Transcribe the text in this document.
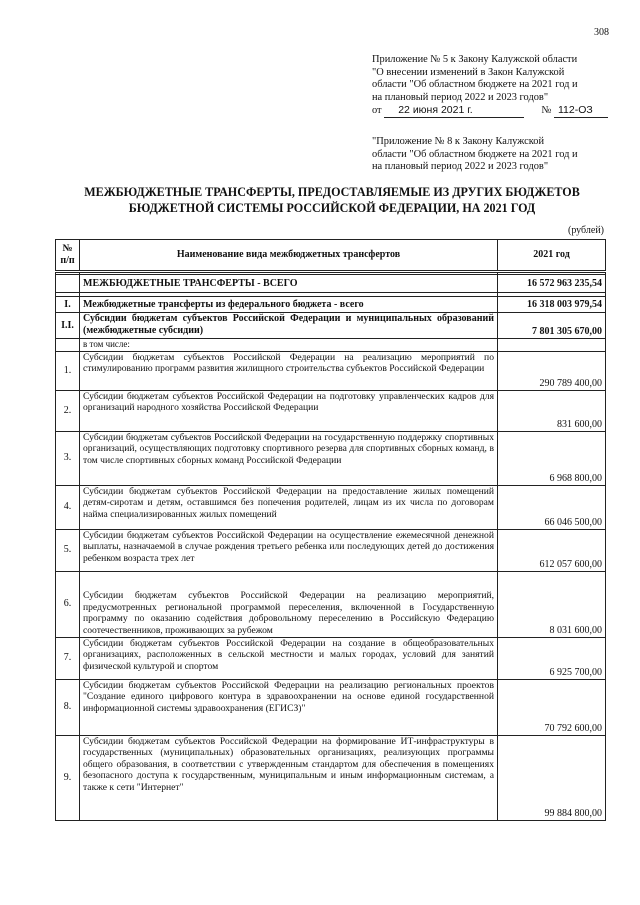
308
Приложение № 5 к Закону Калужской области
"О внесении изменений в Закон Калужской
области "Об областном бюджете на 2021 год и
на плановый период 2022 и 2023 годов"
от 22 июня 2021 г.	№ 112-ОЗ
"Приложение № 8 к Закону Калужской
области "Об областном бюджете на 2021 год и
на плановый период 2022 и 2023 годов"
МЕЖБЮДЖЕТНЫЕ ТРАНСФЕРТЫ, ПРЕДОСТАВЛЯЕМЫЕ ИЗ ДРУГИХ БЮДЖЕТОВ
БЮДЖЕТНОЙ СИСТЕМЫ РОССИЙСКОЙ ФЕДЕРАЦИИ, НА 2021 ГОД
(рублей)
№ п/п	Наименование вида межбюджетных трансфертов	2021 год

	МЕЖБЮДЖЕТНЫЕ ТРАНСФЕРТЫ - ВСЕГО	16 572 963 235,54

I.	Межбюджетные трансферты из федерального бюджета - всего	16 318 003 979,54
I.I.	Субсидии бюджетам субъектов Российской Федерации и муниципальных образований (межбюджетные субсидии)	7 801 305 670,00
	в том числе:	
1.	Субсидии бюджетам субъектов Российской Федерации на реализацию мероприятий по стимулированию программ развития жилищного строительства субъектов Российской Федерации	290 789 400,00
2.	Субсидии бюджетам субъектов Российской Федерации на подготовку управленческих кадров для организаций народного хозяйства Российской Федерации	831 600,00
3.	Субсидии бюджетам субъектов Российской Федерации на государственную поддержку спортивных организаций, осуществляющих подготовку спортивного резерва для спортивных сборных команд, в том числе спортивных сборных команд Российской Федерации	6 968 800,00
4.	Субсидии бюджетам субъектов Российской Федерации на предоставление жилых помещений детям-сиротам и детям, оставшимся без попечения родителей, лицам из их числа по договорам найма специализированных жилых помещений	66 046 500,00
5.	Субсидии бюджетам субъектов Российской Федерации на осуществление ежемесячной денежной выплаты, назначаемой в случае рождения третьего ребенка или последующих детей до достижения ребенком возраста трех лет	612 057 600,00
6.	Субсидии бюджетам субъектов Российской Федерации на реализацию мероприятий, предусмотренных региональной программой переселения, включенной в Государственную программу по оказанию содействия добровольному переселению в Российскую Федерацию соотечественников, проживающих за рубежом	8 031 600,00
7.	Субсидии бюджетам субъектов Российской Федерации на создание в общеобразовательных организациях, расположенных в сельской местности и малых городах, условий для занятий физической культурой и спортом	6 925 700,00
8.	Субсидии бюджетам субъектов Российской Федерации на реализацию региональных проектов "Создание единого цифрового контура в здравоохранении на основе единой государственной информационной системы здравоохранения (ЕГИСЗ)"	70 792 600,00
9.	Субсидии бюджетам субъектов Российской Федерации на формирование ИТ-инфраструктуры в государственных (муниципальных) образовательных организациях, реализующих программы общего образования, в соответствии с утвержденным стандартом для обеспечения в помещениях безопасного доступа к государственным, муниципальным и иным информационным системам, а также к сети "Интернет"	99 884 800,00
